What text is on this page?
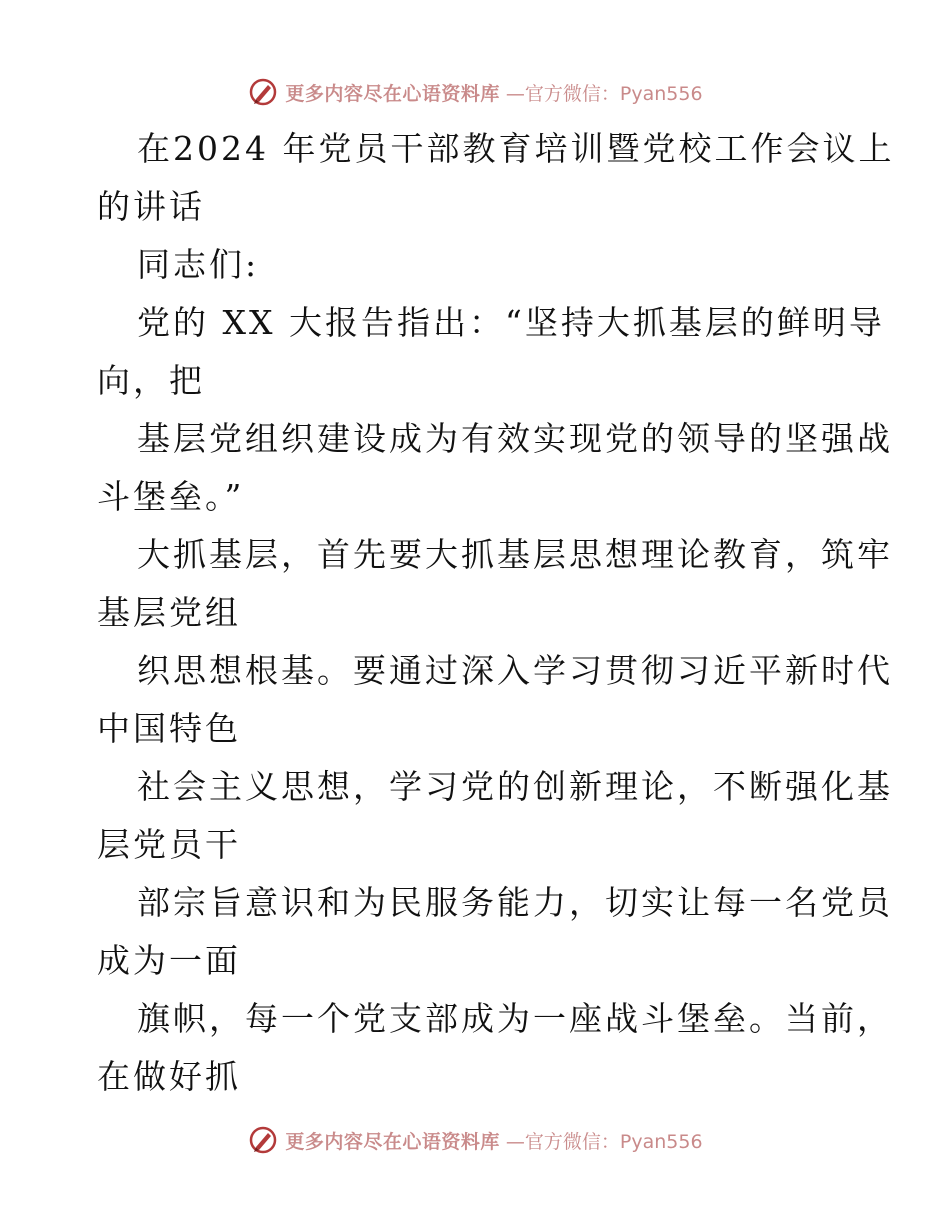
更多内容尽在心语资料库 —官方微信：Pyan556
在2024 年党员干部教育培训暨党校工作会议上
的讲话
同志们:
党的 XX 大报告指出：“坚持大抓基层的鲜明导
向，把
基层党组织建设成为有效实现党的领导的坚强战
斗堡垒。”
大抓基层，首先要大抓基层思想理论教育，筑牢
基层党组
织思想根基。要通过深入学习贯彻习近平新时代
中国特色
社会主义思想，学习党的创新理论，不断强化基
层党员干
部宗旨意识和为民服务能力，切实让每一名党员
成为一面
旗帜，每一个党支部成为一座战斗堡垒。当前，
在做好抓
更多内容尽在心语资料库 —官方微信：Pyan556
